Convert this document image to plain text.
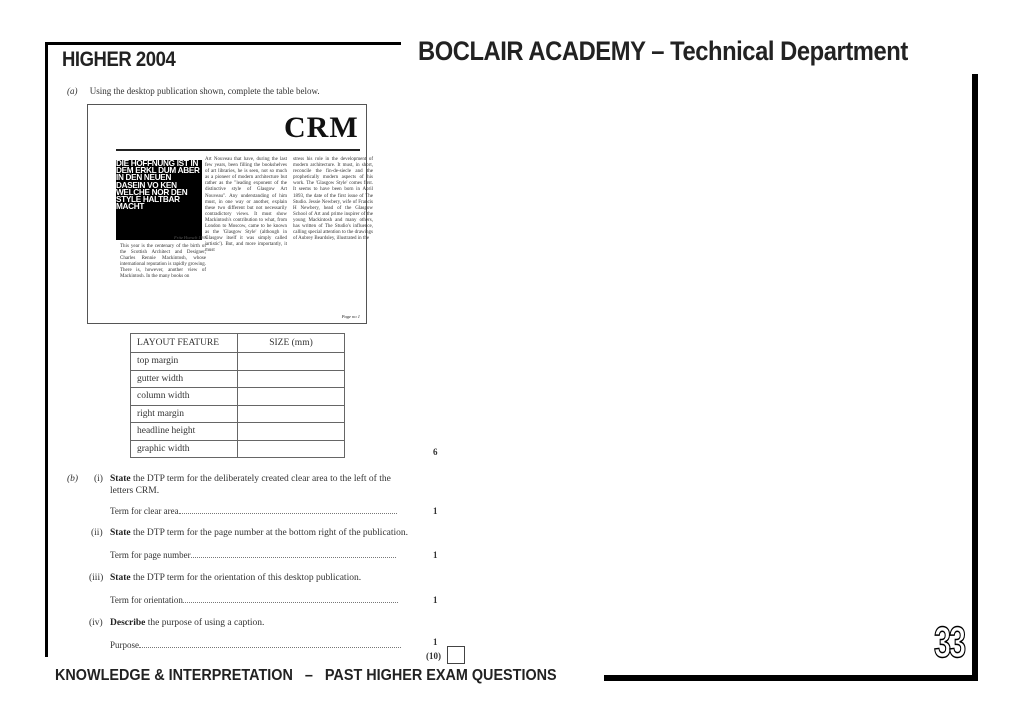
HIGHER 2004	BOCLAIR ACADEMY – Technical Department
(a) Using the desktop publication shown, complete the table below.
CRM
DIE HOFFNUNG IST IN DEM ERKL DUM ABER IN DEN NEUEN DASEIN VO KEN WELCHE NOR DEN STYLE HALTBAR MACHT
Fritz Hoesch 1904
This year is the centenary of the birth of the Scottish Architect and Designer, Charles Rennie Mackintosh, whose international reputation is rapidly growing. There is, however, another view of Mackintosh. In the many books on
Art Nouveau that have, during the last few years, been filling the bookshelves of art libraries, he is seen, not so much as a pioneer of modern architecture but rather as the "leading exponent of the distinctive style of Glasgow Art Nouveau". Any understanding of him must, in one way or another, explain these two different but not necessarily contradictory views. It must show Mackintosh's contribution to what, from London to Moscow, came to be known as the 'Glasgow Style' (although in Glasgow itself it was simply called 'artistic'). But, and more importantly, it must
stress his role in the development of modern architecture. It must, in short, reconcile the fin-de-siecle and the prophetically modern aspects of his work. The 'Glasgow Style' comes first. It seems to have been born in April 1893, the date of the first issue of The Studio. Jessie Newbery, wife of Francis H Newbery, head of the Glasgow School of Art and prime inspirer of the young Mackintosh and many others, has written of The Studio's influence, calling special attention to the drawings of Aubrey Beardsley, illustrated in the
Page no 1
LAYOUT FEATURE	SIZE (mm)
top margin	
gutter width	
column width	
right margin	
headline height	
graphic width		6
(b) (i) State the DTP term for the deliberately created clear area to the left of the letters CRM.
Term for clear area	1
(ii) State the DTP term for the page number at the bottom right of the publication.
Term for page number	1
(iii) State the DTP term for the orientation of this desktop publication.
Term for orientation	1
(iv) Describe the purpose of using a caption.
Purpose	1
(10)	33
KNOWLEDGE & INTERPRETATION – PAST HIGHER EXAM QUESTIONS
